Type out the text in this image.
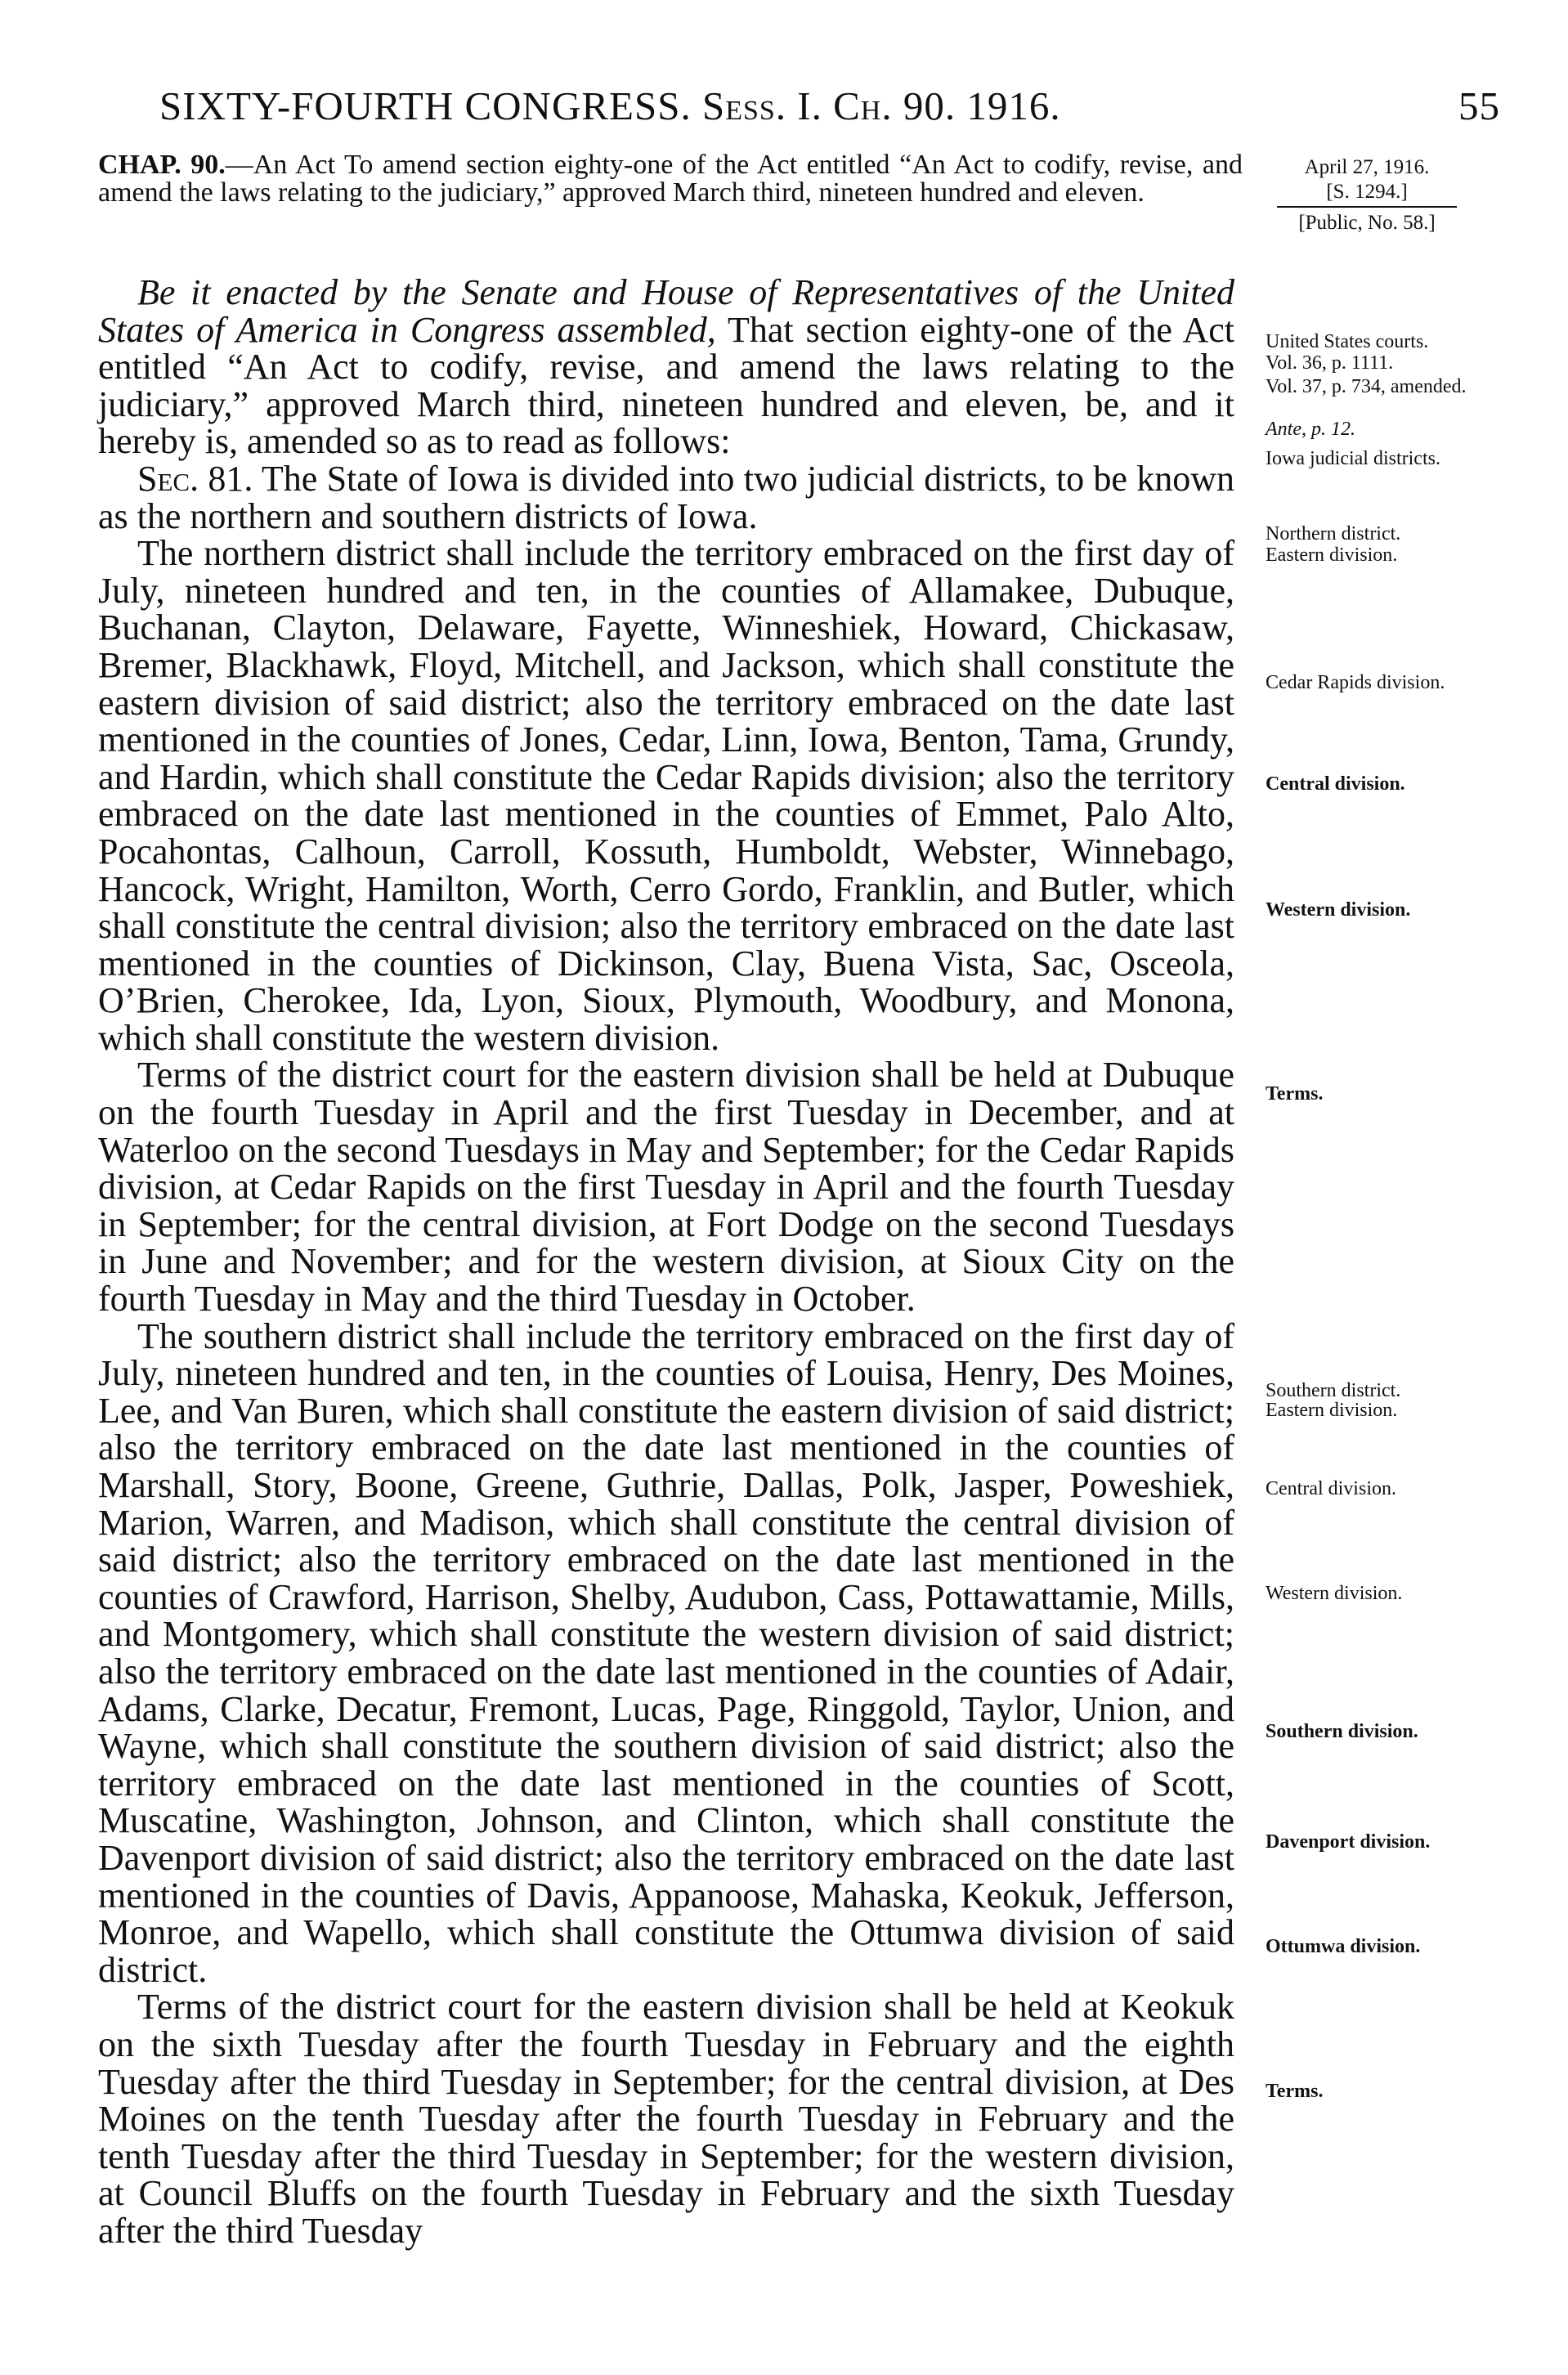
SIXTY-FOURTH CONGRESS. Sess. I. Ch. 90. 1916.	55
CHAP. 90.—An Act To amend section eighty-one of the Act entitled “An Act to codify, revise, and amend the laws relating to the judiciary,” approved March third, nineteen hundred and eleven.
April 27, 1916.
[S. 1294.]
[Public, No. 58.]

Be it enacted by the Senate and House of Representatives of the United States of America in Congress assembled, That section eighty-one of the Act entitled “An Act to codify, revise, and amend the laws relating to the judiciary,” approved March third, nineteen hundred and eleven, be, and it hereby is, amended so as to read as follows:

Sec. 81. The State of Iowa is divided into two judicial districts, to be known as the northern and southern districts of Iowa.

The northern district shall include the territory embraced on the first day of July, nineteen hundred and ten, in the counties of Allamakee, Dubuque, Buchanan, Clayton, Delaware, Fayette, Winneshiek, Howard, Chickasaw, Bremer, Blackhawk, Floyd, Mitchell, and Jackson, which shall constitute the eastern division of said district; also the territory embraced on the date last mentioned in the counties of Jones, Cedar, Linn, Iowa, Benton, Tama, Grundy, and Hardin, which shall constitute the Cedar Rapids division; also the territory embraced on the date last mentioned in the counties of Emmet, Palo Alto, Pocahontas, Calhoun, Carroll, Kossuth, Humboldt, Webster, Winnebago, Hancock, Wright, Hamilton, Worth, Cerro Gordo, Franklin, and Butler, which shall constitute the central division; also the territory embraced on the date last mentioned in the counties of Dickinson, Clay, Buena Vista, Sac, Osceola, O’Brien, Cherokee, Ida, Lyon, Sioux, Plymouth, Woodbury, and Monona, which shall constitute the western division.

Terms of the district court for the eastern division shall be held at Dubuque on the fourth Tuesday in April and the first Tuesday in December, and at Waterloo on the second Tuesdays in May and September; for the Cedar Rapids division, at Cedar Rapids on the first Tuesday in April and the fourth Tuesday in September; for the central division, at Fort Dodge on the second Tuesdays in June and November; and for the western division, at Sioux City on the fourth Tuesday in May and the third Tuesday in October.

The southern district shall include the territory embraced on the first day of July, nineteen hundred and ten, in the counties of Louisa, Henry, Des Moines, Lee, and Van Buren, which shall constitute the eastern division of said district; also the territory embraced on the date last mentioned in the counties of Marshall, Story, Boone, Greene, Guthrie, Dallas, Polk, Jasper, Poweshiek, Marion, Warren, and Madison, which shall constitute the central division of said district; also the territory embraced on the date last mentioned in the counties of Crawford, Harrison, Shelby, Audubon, Cass, Pottawattamie, Mills, and Montgomery, which shall constitute the western division of said district; also the territory embraced on the date last mentioned in the counties of Adair, Adams, Clarke, Decatur, Fremont, Lucas, Page, Ringgold, Taylor, Union, and Wayne, which shall constitute the southern division of said district; also the territory embraced on the date last mentioned in the counties of Scott, Muscatine, Washington, Johnson, and Clinton, which shall constitute the Davenport division of said district; also the territory embraced on the date last mentioned in the counties of Davis, Appanoose, Mahaska, Keokuk, Jefferson, Monroe, and Wapello, which shall constitute the Ottumwa division of said district.

Terms of the district court for the eastern division shall be held at Keokuk on the sixth Tuesday after the fourth Tuesday in February and the eighth Tuesday after the third Tuesday in September; for the central division, at Des Moines on the tenth Tuesday after the fourth Tuesday in February and the tenth Tuesday after the third Tuesday in September; for the western division, at Council Bluffs on the fourth Tuesday in February and the sixth Tuesday after the third Tuesday

United States courts.
Vol. 36, p. 1111.
Vol. 37, p. 734, amended.
Ante, p. 12.
Iowa judicial districts.
Northern district.
Eastern division.
Cedar Rapids division.
Central division.
Western division.
Terms.
Southern district.
Eastern division.
Central division.
Western division.
Southern division.
Davenport division.
Ottumwa division.
Terms.
